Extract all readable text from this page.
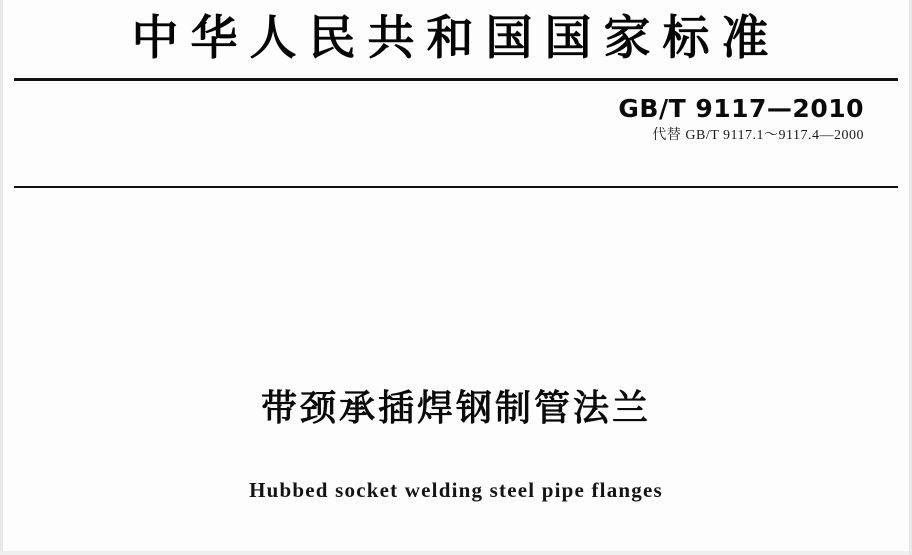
中华人民共和国国家标准
GB/T 9117—2010
代替 GB/T 9117.1～9117.4—2000
带颈承插焊钢制管法兰
Hubbed socket welding steel pipe flanges
